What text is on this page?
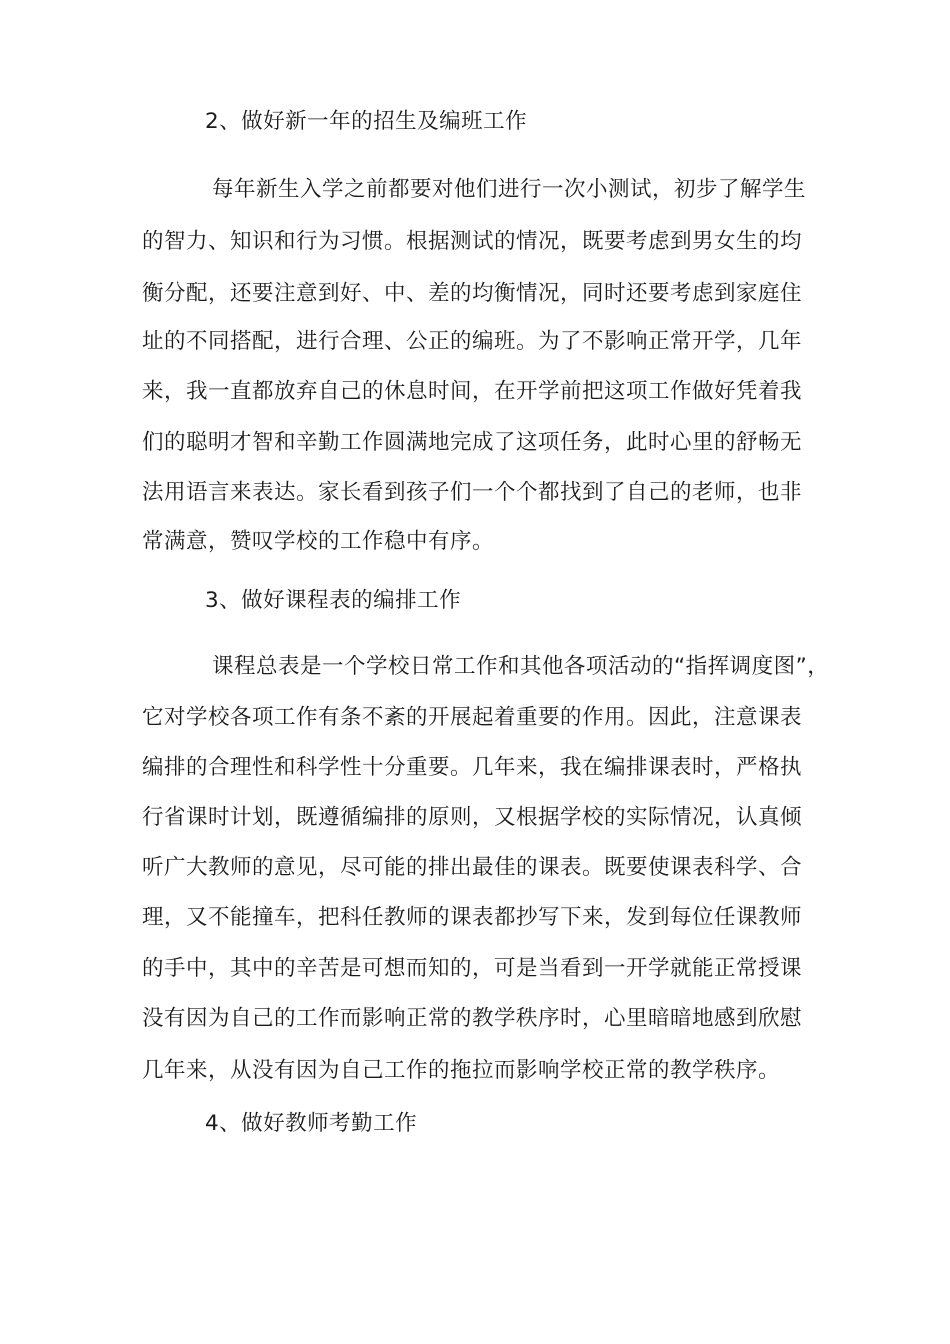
2、做好新一年的招生及编班工作
每年新生入学之前都要对他们进行一次小测试，初步了解学生
的智力、知识和行为习惯。根据测试的情况，既要考虑到男女生的均
衡分配，还要注意到好、中、差的均衡情况，同时还要考虑到家庭住
址的不同搭配，进行合理、公正的编班。为了不影响正常开学，几年
来，我一直都放弃自己的休息时间，在开学前把这项工作做好凭着我
们的聪明才智和辛勤工作圆满地完成了这项任务，此时心里的舒畅无
法用语言来表达。家长看到孩子们一个个都找到了自己的老师，也非
常满意，赞叹学校的工作稳中有序。
3、做好课程表的编排工作
课程总表是一个学校日常工作和其他各项活动的“指挥调度图”，
它对学校各项工作有条不紊的开展起着重要的作用。因此，注意课表
编排的合理性和科学性十分重要。几年来，我在编排课表时，严格执
行省课时计划，既遵循编排的原则，又根据学校的实际情况，认真倾
听广大教师的意见，尽可能的排出最佳的课表。既要使课表科学、合
理，又不能撞车，把科任教师的课表都抄写下来，发到每位任课教师
的手中，其中的辛苦是可想而知的，可是当看到一开学就能正常授课
没有因为自己的工作而影响正常的教学秩序时，心里暗暗地感到欣慰
几年来，从没有因为自己工作的拖拉而影响学校正常的教学秩序。
4、做好教师考勤工作
